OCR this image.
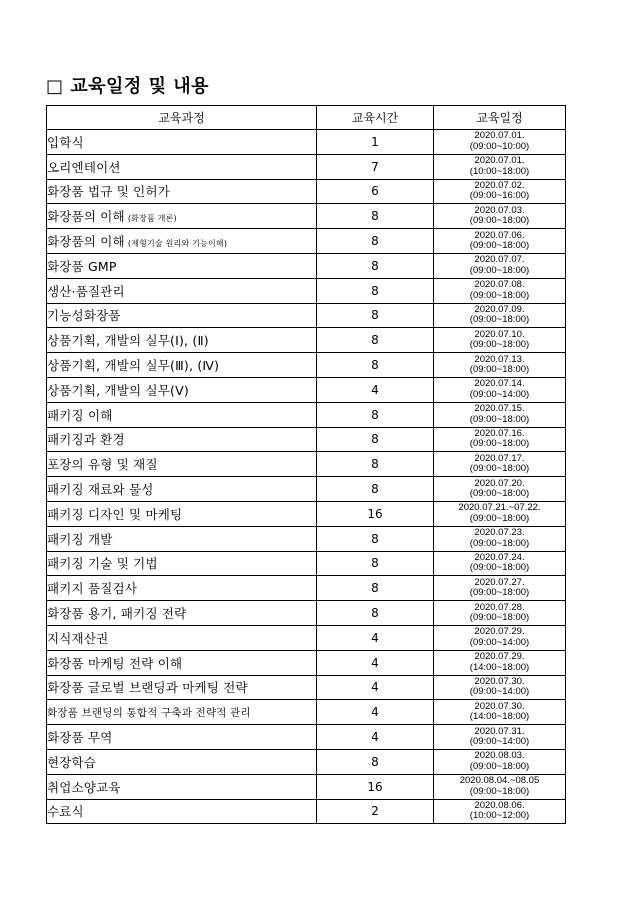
□ 교육일정 및 내용
교육과정	교육시간	교육일정
입학식	1	2020.07.01.
(09:00~10:00)

오리엔테이션	7	2020.07.01.
(10:00~18:00)

화장품 법규 및 인허가	6	2020.07.02.
(09:00~16:00)

화장품의 이해 (화장품 개론)	8	2020.07.03.
(09:00~18:00)

화장품의 이해 (제형기술 원리와 기능이해)	8	2020.07.06.
(09:00~18:00)

화장품 GMP	8	2020.07.07.
(09:00~18:00)

생산·품질관리	8	2020.07.08.
(09:00~18:00)

기능성화장품	8	2020.07.09.
(09:00~18:00)

상품기획, 개발의 실무(Ⅰ), (Ⅱ)	8	2020.07.10.
(09:00~18:00)

상품기획, 개발의 실무(Ⅲ), (Ⅳ)	8	2020.07.13.
(09:00~18:00)

상품기획, 개발의 실무(Ⅴ)	4	2020.07.14.
(09:00~14:00)

패키징 이해	8	2020.07.15.
(09:00~18:00)

패키징과 환경	8	2020.07.16.
(09:00~18:00)

포장의 유형 및 재질	8	2020.07.17.
(09:00~18:00)

패키징 재료와 물성	8	2020.07.20.
(09:00~18:00)

패키징 디자인 및 마케팅	16	2020.07.21.~07.22.
(09:00~18:00)

패키징 개발	8	2020.07.23.
(09:00~18:00)

패키징 기술 및 기법	8	2020.07.24.
(09:00~18:00)

패키지 품질검사	8	2020.07.27.
(09:00~18:00)

화장품 용기, 패키징 전략	8	2020.07.28.
(09:00~18:00)

지식재산권	4	2020.07.29.
(09:00~14:00)

화장품 마케팅 전략 이해	4	2020.07.29.
(14:00~18:00)

화장품 글로벌 브랜딩과 마케팅 전략	4	2020.07.30.
(09:00~14:00)

화장품 브랜딩의 통합적 구축과 전략적 관리	4	2020.07.30.
(14:00~18:00)

화장품 무역	4	2020.07.31.
(09:00~14:00)

현장학습	8	2020.08.03.
(09:00~18:00)

취업소양교육	16	2020.08.04.~08.05
(09:00~18:00)

수료식	2	2020.08.06.
(10:00~12:00)
